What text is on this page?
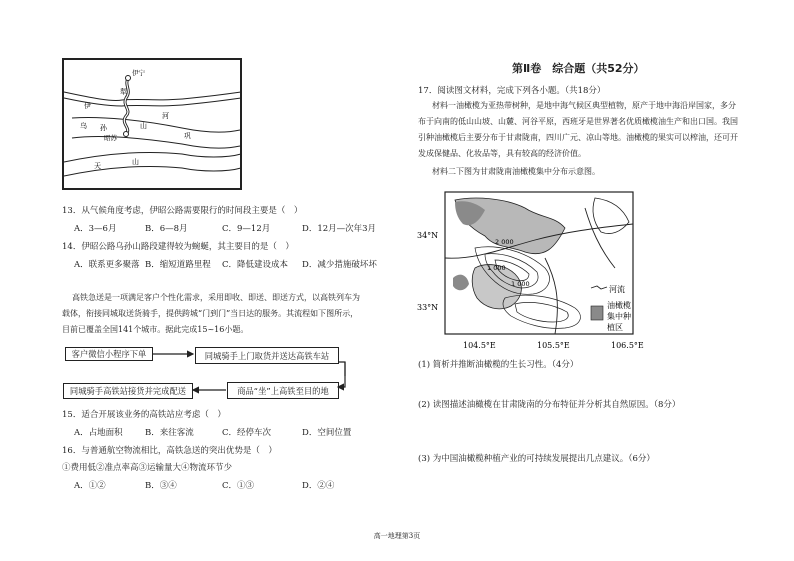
伊宁
昭苏
乌 孙	山
天	山
伊
犁
河
巩
13．从气候角度考虑，伊昭公路需要限行的时间段主要是（　）
A．3—6月	B．6—8月	C．9—12月	D．12月—次年3月
14．伊昭公路乌孙山路段建得较为蜿蜒，其主要目的是（　）
A．联系更多聚落 B．缩短道路里程 C．降低建设成本 D．减少措施破坏坏
高铁急送是一项满足客户个性化需求，采用即收、即送、即送方式，以高铁列车为
载体，衔接同城取送货骑手，提供跨城“门到门”当日达的服务。其流程如下图所示，
目前已覆盖全国141个城市。据此完成15~16小题。
客户微信小程序下单	同城骑手上门取货并送达高铁车站
同城骑手高铁站接货并完成配送	商品“坐”上高铁至目的地
15．适合开展该业务的高铁站应考虑（　）
A．占地面积	B．来往客流	C．经停车次	D．空间位置
16．与普通航空物流相比，高铁急送的突出优势是（　）
①费用低②准点率高③运输量大④物流环节少
A．①②	B．③④	C．①③	D．②④
第Ⅱ卷　综合题（共52分）
17．阅读图文材料，完成下列各小题。（共18分）
材料一油橄榄为亚热带树种，是地中海气候区典型植物，原产于地中海沿岸国家，多分
布于向南的低山山坡、山麓、河谷平原，西班牙是世界著名优质橄榄油生产和出口国。我国
引种油橄榄后主要分布于甘肃陇南，四川广元、凉山等地。油橄榄的果实可以榨油，还可开
发成保健品、化妆品等，具有较高的经济价值。
材料二下图为甘肃陇南油橄榄集中分布示意图。
34°N
33°N
104.5°E	105.5°E	106.5°E
2 000
1 000
1 000
河流
油橄榄
集中种
植区
(1) 简析并推断油橄榄的生长习性。（4分）
(2) 读图描述油橄榄在甘肃陇南的分布特征并分析其自然原因。（8分）
(3) 为中国油橄榄种植产业的可持续发展提出几点建议。（6分）
高一地理第3页
